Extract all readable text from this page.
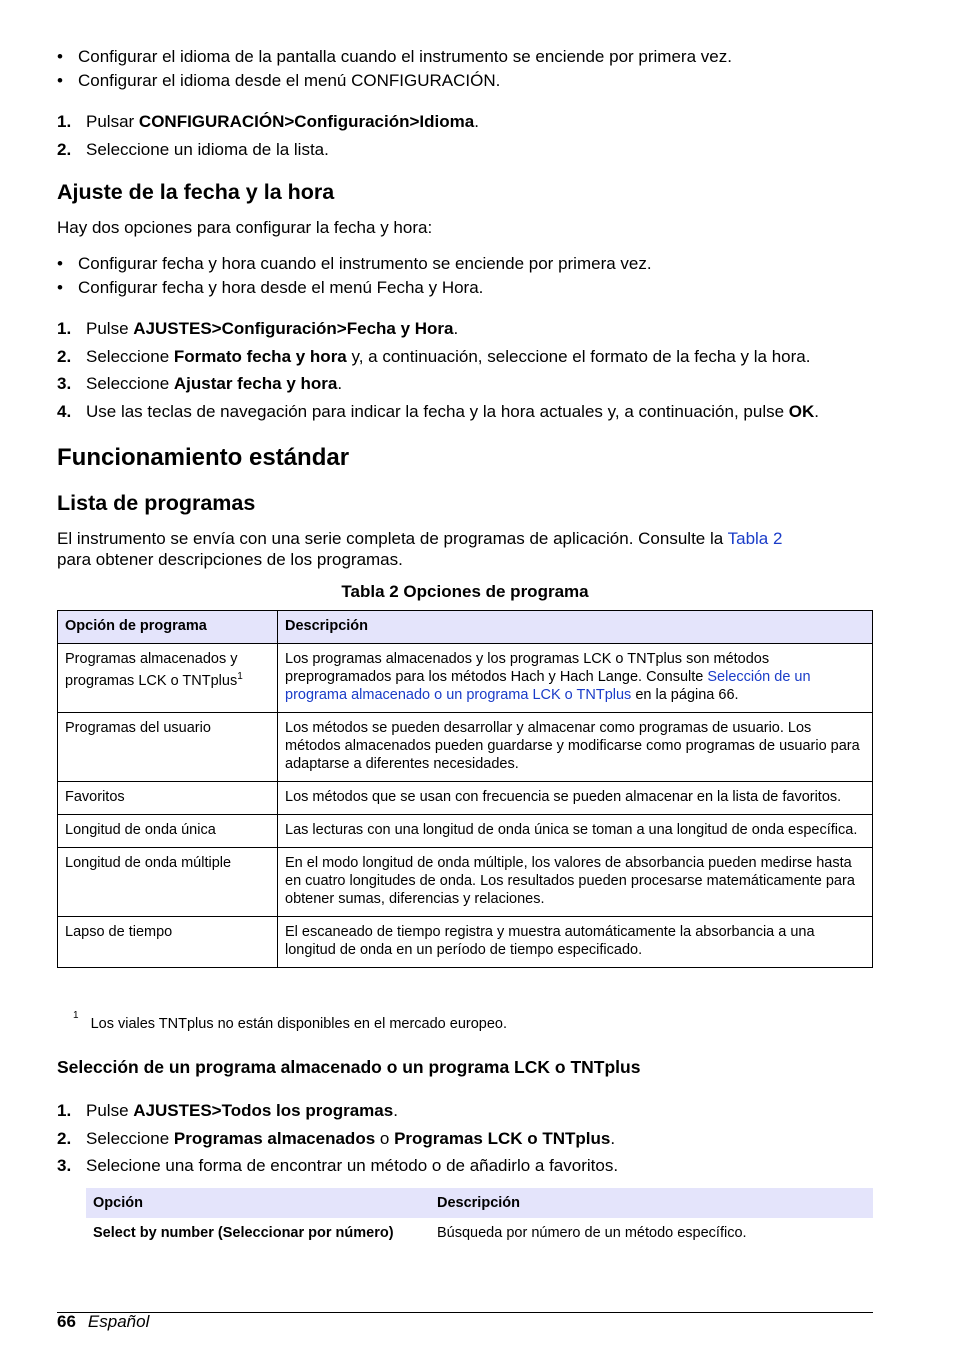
• Configurar el idioma de la pantalla cuando el instrumento se enciende por primera vez.
• Configurar el idioma desde el menú CONFIGURACIÓN.
1. Pulsar CONFIGURACIÓN>Configuración>Idioma.
2. Seleccione un idioma de la lista.
Ajuste de la fecha y la hora

Hay dos opciones para configurar la fecha y hora:

• Configurar fecha y hora cuando el instrumento se enciende por primera vez.
• Configurar fecha y hora desde el menú Fecha y Hora.
1. Pulse AJUSTES>Configuración>Fecha y Hora.
2. Seleccione Formato fecha y hora y, a continuación, seleccione el formato de la fecha y la hora.
3. Seleccione Ajustar fecha y hora.
4. Use las teclas de navegación para indicar la fecha y la hora actuales y, a continuación, pulse OK.
Funcionamiento estándar
Lista de programas

El instrumento se envía con una serie completa de programas de aplicación. Consulte la Tabla 2
para obtener descripciones de los programas.

Tabla 2 Opciones de programa
Opción de programa	Descripción
Programas almacenados y programas LCK o TNTplus$^1$	Los programas almacenados y los programas LCK o TNTplus son métodos preprogramados para los métodos Hach y Hach Lange. Consulte Selección de un programa almacenado o un programa LCK o TNTplus en la página 66.
Programas del usuario	Los métodos se pueden desarrollar y almacenar como programas de usuario. Los métodos almacenados pueden guardarse y modificarse como programas de usuario para adaptarse a diferentes necesidades.
Favoritos	Los métodos que se usan con frecuencia se pueden almacenar en la lista de favoritos.
Longitud de onda única	Las lecturas con una longitud de onda única se toman a una longitud de onda específica.
Longitud de onda múltiple	En el modo longitud de onda múltiple, los valores de absorbancia pueden medirse hasta en cuatro longitudes de onda. Los resultados pueden procesarse matemáticamente para obtener sumas, diferencias y relaciones.
Lapso de tiempo	El escaneado de tiempo registra y muestra automáticamente la absorbancia a una longitud de onda en un período de tiempo especificado.
$^1$Los viales TNTplus no están disponibles en el mercado europeo.
Selección de un programa almacenado o un programa LCK o TNTplus
1. Pulse AJUSTES>Todos los programas.
2. Seleccione Programas almacenados o Programas LCK o TNTplus.
3. Selecione una forma de encontrar un método o de añadirlo a favoritos.
Opción	Descripción
Select by number (Seleccionar por número)	Búsqueda por número de un método específico.
66 Español
